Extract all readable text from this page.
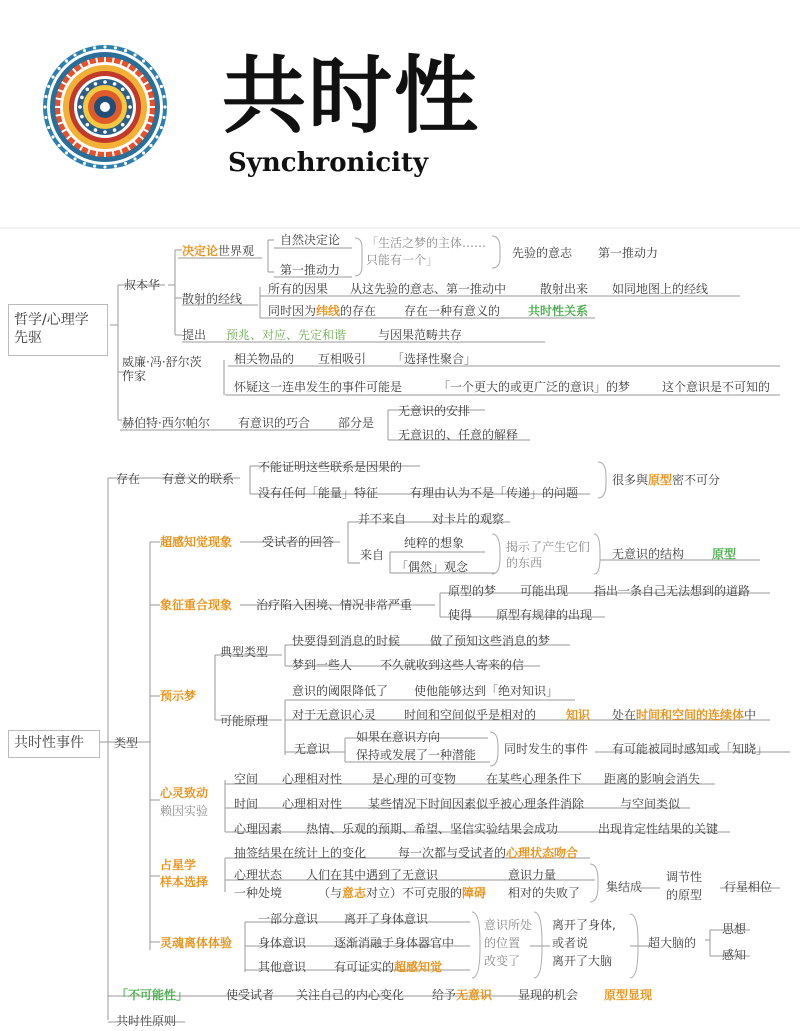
共时性
Synchronicity
哲学/心理学
先驱
叔本华
决定论世界观
自然决定论
第一推动力
「生活之梦的主体……
只能有一个」	先验的意志 第一推动力
散射的经线
所有的因果 从这先验的意志、第一推动中	散射出来 如同地图上的经线
同时因为纬线的存在 存在一种有意义的 共时性关系
提出 预兆、对应、先定和谐	与因果范畴共存
威廉·冯·舒尔茨
作家
相关物品的 互相吸引 「选择性聚合」
怀疑这一连串发生的事件可能是	「一个更大的或更广泛的意识」的梦	这个意识是不可知的
赫伯特·西尔帕尔 有意识的巧合 部分是
无意识的安排
无意识的、任意的解释
共时性事件
存在 有意义的联系
不能证明这些联系是因果的
没有任何「能量」特征	有理由认为不是「传递」的问题
很多與原型密不可分
类型
超感知觉现象 受试者的回答
并不来自 对卡片的观察
来自
纯粹的想象
「偶然」观念
揭示了产生它们
的东西
无意识的结构 原型
象征重合现象 治疗陷入困境、情况非常严重
原型的梦 可能出现 指出一条自己无法想到的道路
使得 原型有规律的出现
预示梦
典型类型
快要得到消息的时候 做了预知这些消息的梦
梦到一些人 不久就收到这些人寄来的信
可能原理
意识的阈限降低了 使他能够达到「绝对知识」
对于无意识心灵 时间和空间似乎是相对的 知识 处在时间和空间的连续体中
无意识
如果在意识方向
保持或发展了一种潜能 同时发生的事件 有可能被同时感知或「知晓」
心灵致动
赖因实验
空间 心理相对性 是心理的可变物 在某些心理条件下 距离的影响会消失
时间 心理相对性 某些情况下时间因素似乎被心理条件消除	与空间类似
心理因素 热情、乐观的预期、希望、坚信实验结果会成功	出现肯定性结果的关键
占星学
样本选择
抽签结果在统计上的变化	每一次都与受试者的心理状态吻合
心理状态 人们在其中遇到了无意识
一种处境	（与意志对立）不可克服的障碍
意识力量
相对的失败了 集结成
调节性
的原型
行星相位
灵魂离体体验
一部分意识 离开了身体意识
身体意识 逐渐消融于身体器官中
其他意识 有可证实的超感知觉
意识所处
的位置
改变了
离开了身体,
或者说
离开了大脑
超大脑的
思想
感知
「不可能性」	使受试者 关注自己的内心变化 给予无意识 显现的机会 原型显现
共时性原则
